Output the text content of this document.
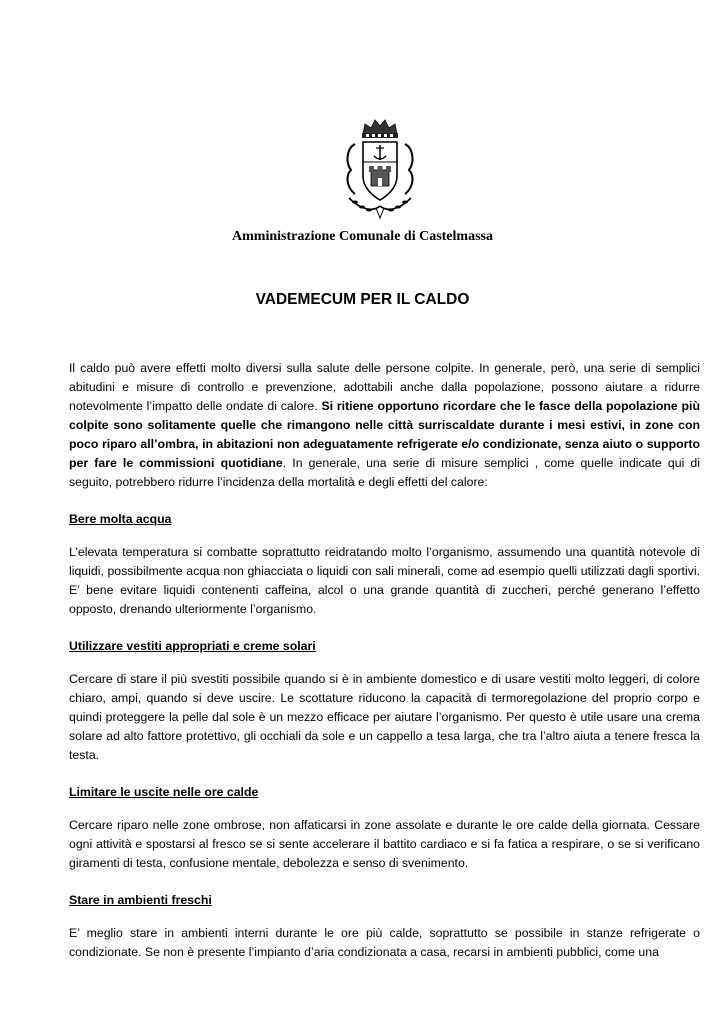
Amministrazione Comunale di Castelmassa
VADEMECUM PER IL CALDO

Il caldo può avere effetti molto diversi sulla salute delle persone colpite. In generale, però, una serie di semplici abitudini e misure di controllo e prevenzione, adottabili anche dalla popolazione, possono aiutare a ridurre notevolmente l’impatto delle ondate di calore. Si ritiene opportuno ricordare che le fasce della popolazione più colpite sono solitamente quelle che rimangono nelle città surriscaldate durante i mesi estivi, in zone con poco riparo all’ombra, in abitazioni non adeguatamente refrigerate e/o condizionate, senza aiuto o supporto per fare le commissioni quotidiane. In generale, una serie di misure semplici , come quelle indicate qui di seguito, potrebbero ridurre l’incidenza della mortalità e degli effetti del calore:

Bere molta acqua

L’elevata temperatura si combatte soprattutto reidratando molto l’organismo, assumendo una quantità notevole di liquidi, possibilmente acqua non ghiacciata o liquidi con sali minerali, come ad esempio quelli utilizzati dagli sportivi. E’ bene evitare liquidi contenenti caffeina, alcol o una grande quantità di zuccheri, perché generano l’effetto opposto, drenando ulteriormente l’organismo.

Utilizzare vestiti appropriati e creme solari

Cercare di stare il più svestiti possibile quando si è in ambiente domestico e di usare vestiti molto leggeri, di colore chiaro, ampi, quando si deve uscire. Le scottature riducono la capacità di termoregolazione del proprio corpo e quindi proteggere la pelle dal sole è un mezzo efficace per aiutare l’organismo. Per questo è utile usare una crema solare ad alto fattore protettivo, gli occhiali da sole e un cappello a tesa larga, che tra l’altro aiuta a tenere fresca la testa.

Limitare le uscite nelle ore calde

Cercare riparo nelle zone ombrose, non affaticarsi in zone assolate e durante le ore calde della giornata. Cessare ogni attività e spostarsi al fresco se si sente accelerare il battito cardiaco e si fa fatica a respirare, o se si verificano giramenti di testa, confusione mentale, debolezza e senso di svenimento.

Stare in ambienti freschi

E’ meglio stare in ambienti interni durante le ore più calde, soprattutto se possibile in stanze refrigerate o condizionate. Se non è presente l’impianto d’aria condizionata a casa, recarsi in ambienti pubblici, come una
